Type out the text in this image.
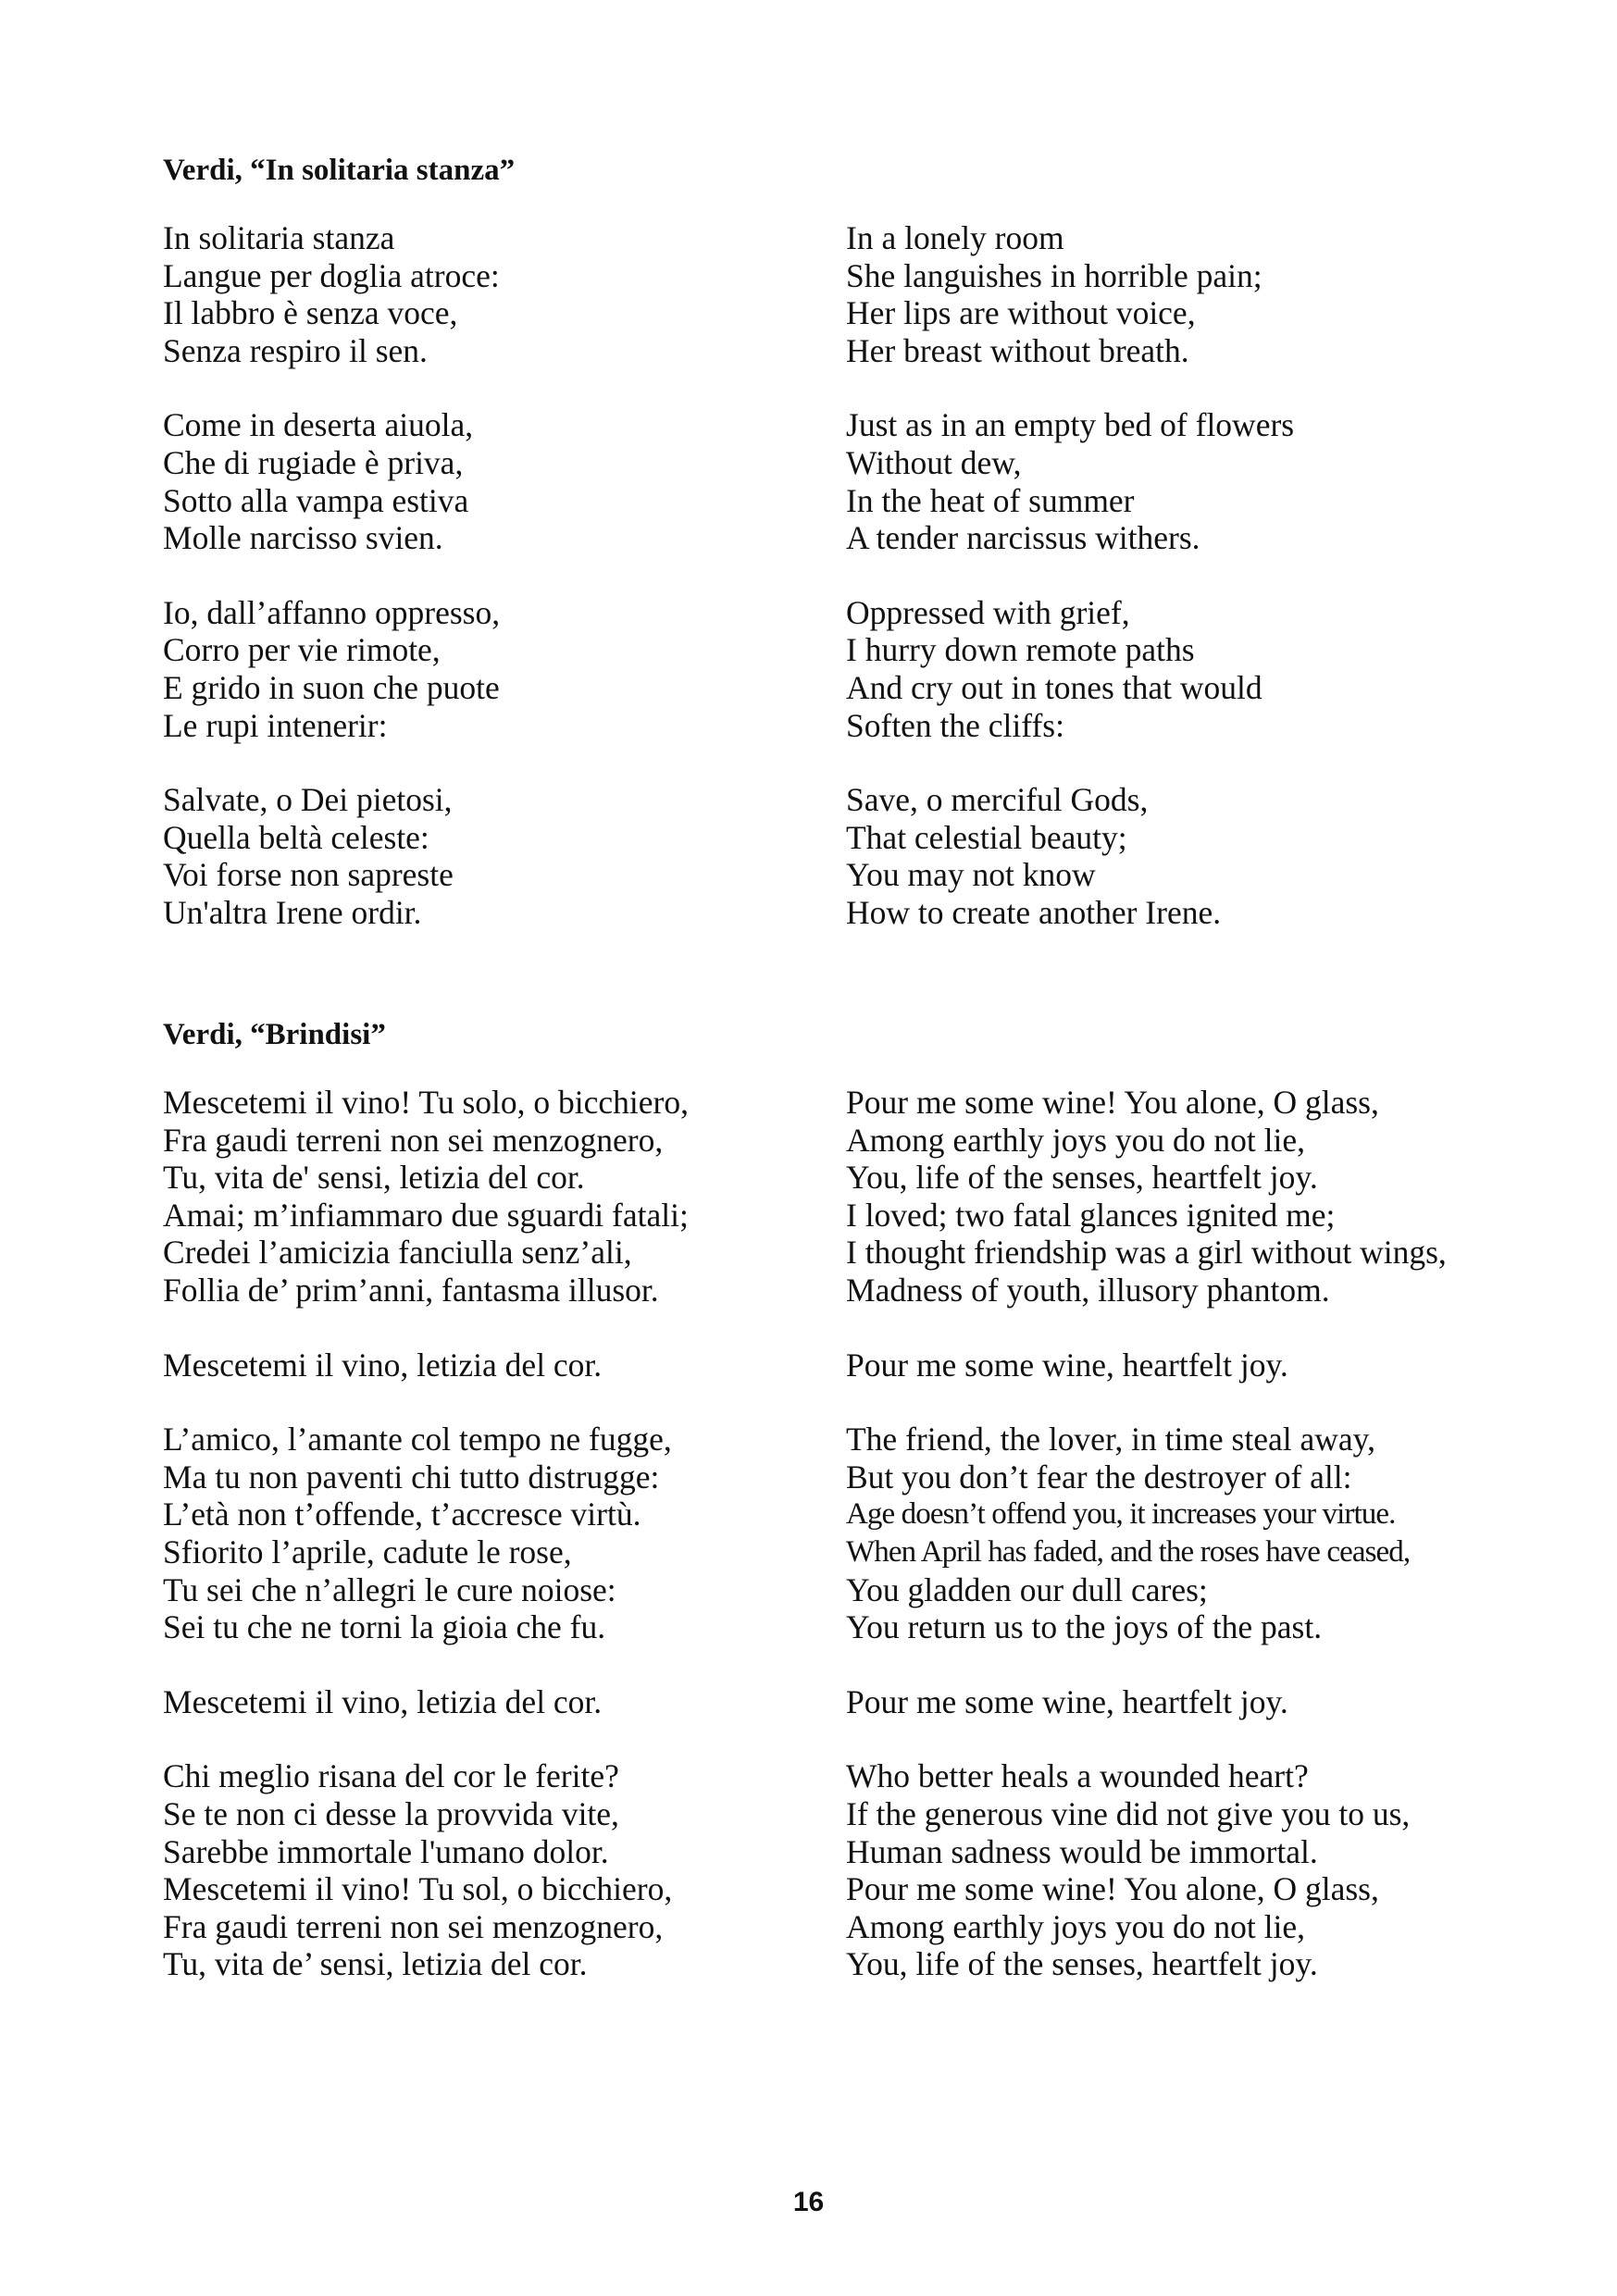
Verdi, “In solitaria stanza”

In solitaria stanza
Langue per doglia atroce:
Il labbro è senza voce,
Senza respiro il sen.

In a lonely room
She languishes in horrible pain;
Her lips are without voice,
Her breast without breath.

Come in deserta aiuola,
Che di rugiade è priva,
Sotto alla vampa estiva
Molle narcisso svien.

Just as in an empty bed of flowers
Without dew,
In the heat of summer
A tender narcissus withers.

Io, dall’affanno oppresso,
Corro per vie rimote,
E grido in suon che puote
Le rupi intenerir:

Oppressed with grief,
I hurry down remote paths
And cry out in tones that would
Soften the cliffs:

Salvate, o Dei pietosi,
Quella beltà celeste:
Voi forse non sapreste
Un'altra Irene ordir.

Save, o merciful Gods,
That celestial beauty;
You may not know
How to create another Irene.

Verdi, “Brindisi”

Mescetemi il vino! Tu solo, o bicchiero,
Fra gaudi terreni non sei menzognero,
Tu, vita de' sensi, letizia del cor.
Amai; m’infiammaro due sguardi fatali;
Credei l’amicizia fanciulla senz’ali,
Follia de’ prim’anni, fantasma illusor.

Pour me some wine! You alone, O glass,
Among earthly joys you do not lie,
You, life of the senses, heartfelt joy.
I loved; two fatal glances ignited me;
I thought friendship was a girl without wings,
Madness of youth, illusory phantom.

Mescetemi il vino, letizia del cor.	Pour me some wine, heartfelt joy.

L’amico, l’amante col tempo ne fugge,
Ma tu non paventi chi tutto distrugge:
L’età non t’offende, t’accresce virtù.
Sfiorito l’aprile, cadute le rose,
Tu sei che n’allegri le cure noiose:
Sei tu che ne torni la gioia che fu.

The friend, the lover, in time steal away,
But you don’t fear the destroyer of all:
Age doesn’t offend you, it increases your virtue.
When April has faded, and the roses have ceased,
You gladden our dull cares;
You return us to the joys of the past.

Mescetemi il vino, letizia del cor.	Pour me some wine, heartfelt joy.

Chi meglio risana del cor le ferite?
Se te non ci desse la provvida vite,
Sarebbe immortale l'umano dolor.
Mescetemi il vino! Tu sol, o bicchiero,
Fra gaudi terreni non sei menzognero,
Tu, vita de’ sensi, letizia del cor.

Who better heals a wounded heart?
If the generous vine did not give you to us,
Human sadness would be immortal.
Pour me some wine! You alone, O glass,
Among earthly joys you do not lie,
You, life of the senses, heartfelt joy.

16
